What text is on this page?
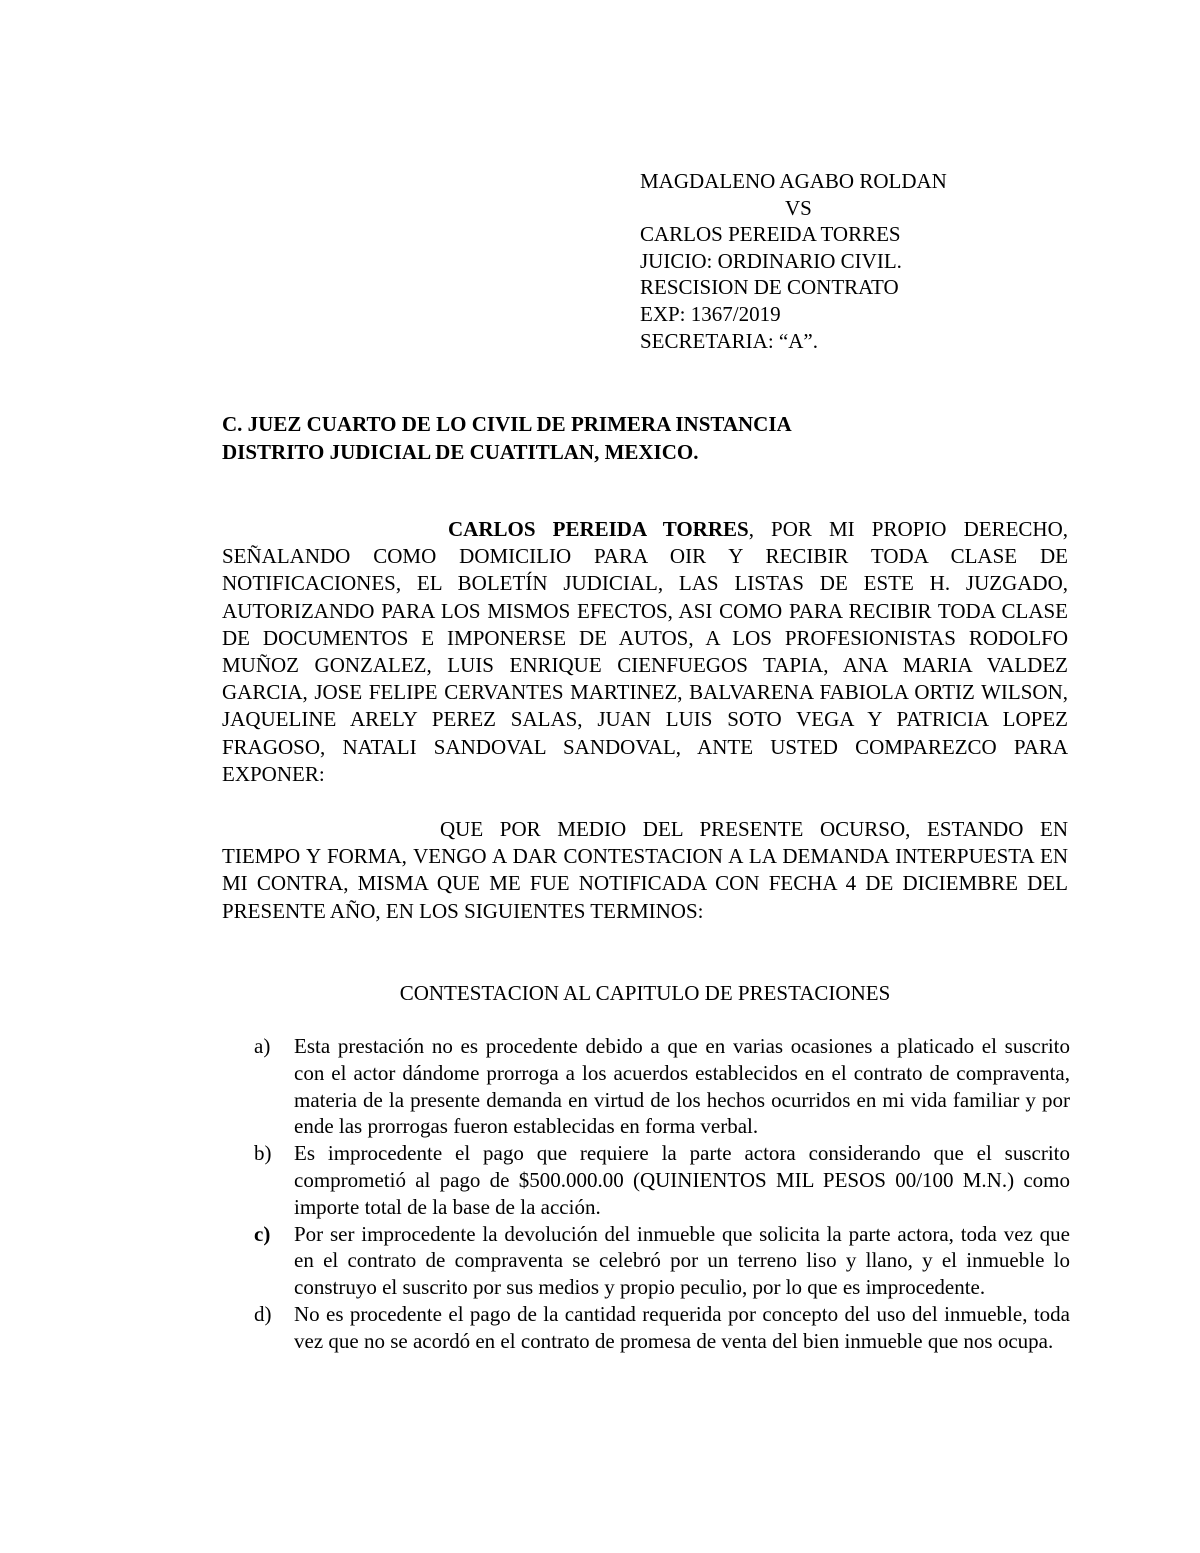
MAGDALENO AGABO ROLDAN
VS
CARLOS PEREIDA TORRES
JUICIO: ORDINARIO CIVIL.
RESCISION DE CONTRATO
EXP: 1367/2019
SECRETARIA: “A”.
C. JUEZ CUARTO DE LO CIVIL DE PRIMERA INSTANCIA
DISTRITO JUDICIAL DE CUATITLAN, MEXICO.
CARLOS PEREIDA TORRES, POR MI PROPIO DERECHO, SEÑALANDO COMO DOMICILIO PARA OIR Y RECIBIR TODA CLASE DE NOTIFICACIONES, EL BOLETÍN JUDICIAL, LAS LISTAS DE ESTE H. JUZGADO, AUTORIZANDO PARA LOS MISMOS EFECTOS, ASI COMO PARA RECIBIR TODA CLASE DE DOCUMENTOS E IMPONERSE DE AUTOS, A LOS PROFESIONISTAS RODOLFO MUÑOZ GONZALEZ, LUIS ENRIQUE CIENFUEGOS TAPIA, ANA MARIA VALDEZ GARCIA, JOSE FELIPE CERVANTES MARTINEZ, BALVARENA FABIOLA ORTIZ WILSON, JAQUELINE ARELY PEREZ SALAS, JUAN LUIS SOTO VEGA Y PATRICIA LOPEZ FRAGOSO, NATALI SANDOVAL SANDOVAL, ANTE USTED COMPAREZCO PARA EXPONER:
QUE POR MEDIO DEL PRESENTE OCURSO, ESTANDO EN TIEMPO Y FORMA, VENGO A DAR CONTESTACION A LA DEMANDA INTERPUESTA EN MI CONTRA, MISMA QUE ME FUE NOTIFICADA CON FECHA 4 DE DICIEMBRE DEL PRESENTE AÑO, EN LOS SIGUIENTES TERMINOS:
CONTESTACION AL CAPITULO DE PRESTACIONES
a) Esta prestación no es procedente debido a que en varias ocasiones a platicado el suscrito con el actor dándome prorroga a los acuerdos establecidos en el contrato de compraventa, materia de la presente demanda en virtud de los hechos ocurridos en mi vida familiar y por ende las prorrogas fueron establecidas en forma verbal.
b) Es improcedente el pago que requiere la parte actora considerando que el suscrito comprometió al pago de $500.000.00 (QUINIENTOS MIL PESOS 00/100 M.N.) como importe total de la base de la acción.
c) Por ser improcedente la devolución del inmueble que solicita la parte actora, toda vez que en el contrato de compraventa se celebró por un terreno liso y llano, y el inmueble lo construyo el suscrito por sus medios y propio peculio, por lo que es improcedente.
d) No es procedente el pago de la cantidad requerida por concepto del uso del inmueble, toda vez que no se acordó en el contrato de promesa de venta del bien inmueble que nos ocupa.
